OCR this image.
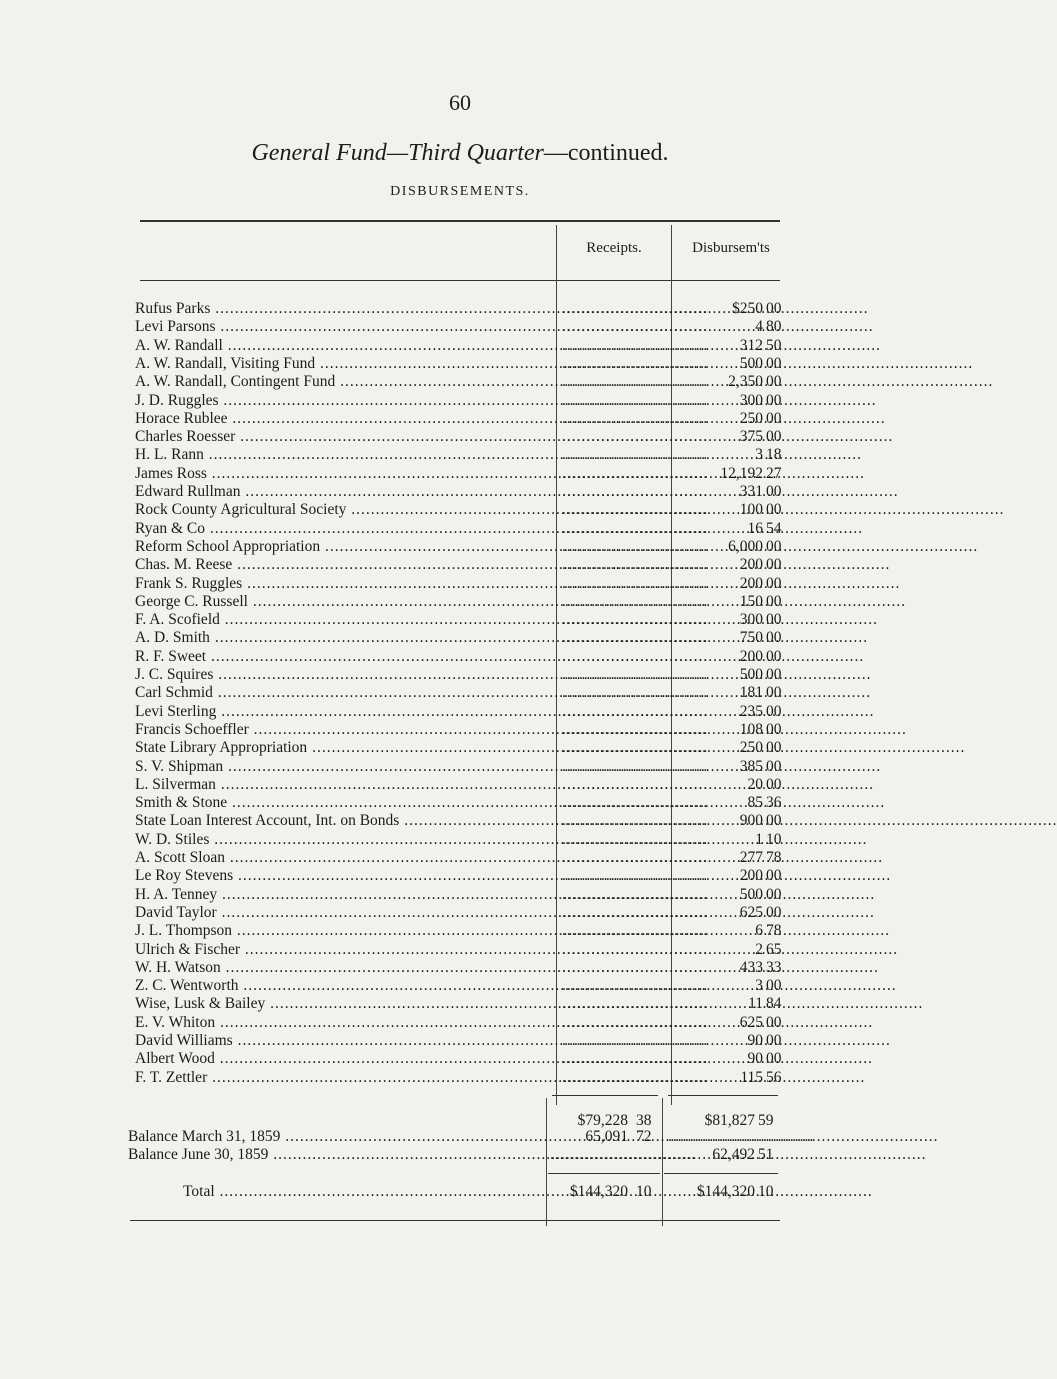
60
General Fund—Third Quarter—continued.
DISBURSEMENTS.
Receipts.	Disbursem'ts
Rufus Parks .....	..............................	$250 00
Levi Parsons .....	..............................	4 80
A. W. Randall .....	..............................	312 50
A. W. Randall, Visiting Fund .....	..............................	500 00
A. W. Randall, Contingent Fund .....	..............................	2,350 00
J. D. Ruggles .....	..............................	300 00
Horace Rublee .....	..............................	250 00
Charles Roesser .....	..............................	375 00
H. L. Rann .....	..............................	3 18
James Ross .....	.............................. 12,192 27
Edward Rullman .....	..............................	331 00
Rock County Agricultural Society .....	..............................	100 00
Ryan & Co .....	..............................	16 54
Reform School Appropriation .....	..............................	6,000 00
Chas. M. Reese .....	..............................	200 00
Frank S. Ruggles .....	..............................	200 00
George C. Russell .....	..............................	150 00
F. A. Scofield .....	..............................	300 00
A. D. Smith .....	..............................	750 00
R. F. Sweet .....	..............................	200 00
J. C. Squires .....	..............................	500 00
Carl Schmid .....	..............................	181 00
Levi Sterling .....	..............................	235 00
Francis Schoeffler .....	..............................	108 00
State Library Appropriation .....	..............................	250 00
S. V. Shipman .....	..............................	385 00
L. Silverman .....	..............................	20 00
Smith & Stone .....	..............................	85 36
State Loan Interest Account, Int. on Bonds .....	..............................	900 00
W. D. Stiles .....	..............................	1 10
A. Scott Sloan .....	..............................	277 78
Le Roy Stevens .....	..............................	200 00
H. A. Tenney .....	..............................	500 00
David Taylor .....	..............................	625 00
J. L. Thompson .....	..............................	6 78
Ulrich & Fischer .....	..............................	2 65
W. H. Watson .....	..............................	433 33
Z. C. Wentworth .....	..............................	3 00
Wise, Lusk & Bailey .....	..............................	11 84
E. V. Whiton .....	..............................	625 00
David Williams .....	..............................	90 00
Albert Wood .....	..............................	90 00
F. T. Zettler .....	..............................	115 56
$79,228 38	$81,827 59
Balance March 31, 1859 .....	65,091 72	..............................
Balance June 30, 1859 .....	..............................	62,492 51
Total .....	$144,320 10	$144,320 10
